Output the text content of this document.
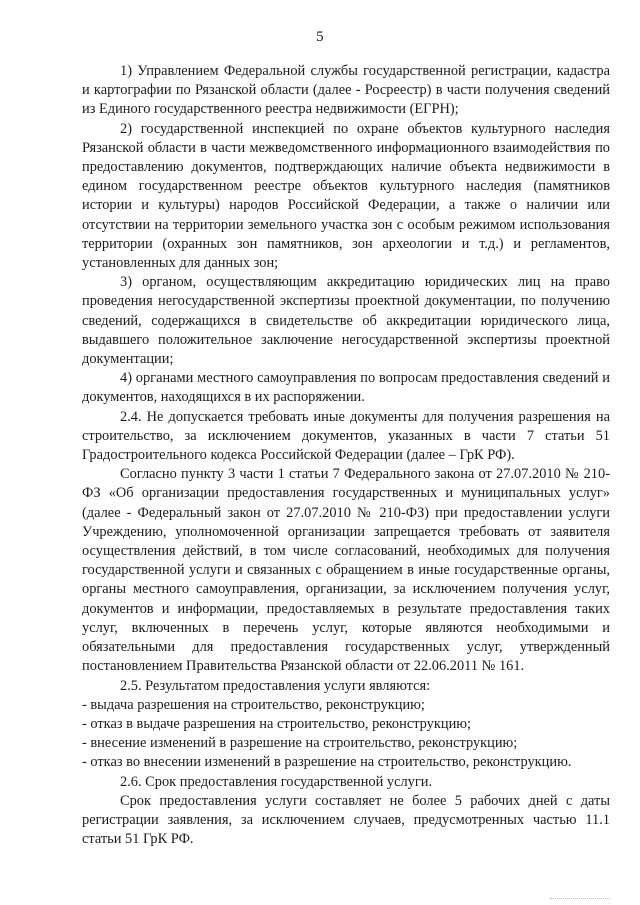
5

1) Управлением Федеральной службы государственной регистрации, кадастра и картографии по Рязанской области (далее - Росреестр) в части получения сведений из Единого государственного реестра недвижимости (ЕГРН);

2) государственной инспекцией по охране объектов культурного наследия Рязанской области в части межведомственного информационного взаимодействия по предоставлению документов, подтверждающих наличие объекта недвижимости в едином государственном реестре объектов культурного наследия (памятников истории и культуры) народов Российской Федерации, а также о наличии или отсутствии на территории земельного участка зон с особым режимом использования территории (охранных зон памятников, зон археологии и т.д.) и регламентов, установленных для данных зон;

3) органом, осуществляющим аккредитацию юридических лиц на право проведения негосударственной экспертизы проектной документации, по получению сведений, содержащихся в свидетельстве об аккредитации юридического лица, выдавшего положительное заключение негосударственной экспертизы проектной документации;

4) органами местного самоуправления по вопросам предоставления сведений и документов, находящихся в их распоряжении.

2.4. Не допускается требовать иные документы для получения разрешения на строительство, за исключением документов, указанных в части 7 статьи 51 Градостроительного кодекса Российской Федерации (далее – ГрК РФ).

Согласно пункту 3 части 1 статьи 7 Федерального закона от 27.07.2010 № 210-ФЗ «Об организации предоставления государственных и муниципальных услуг» (далее - Федеральный закон от 27.07.2010 № 210-ФЗ) при предоставлении услуги Учреждению, уполномоченной организации запрещается требовать от заявителя осуществления действий, в том числе согласований, необходимых для получения государственной услуги и связанных с обращением в иные государственные органы, органы местного самоуправления, организации, за исключением получения услуг, документов и информации, предоставляемых в результате предоставления таких услуг, включенных в перечень услуг, которые являются необходимыми и обязательными для предоставления государственных услуг, утвержденный постановлением Правительства Рязанской области от 22.06.2011 № 161.

2.5. Результатом предоставления услуги являются:

- выдача разрешения на строительство, реконструкцию;

- отказ в выдаче разрешения на строительство, реконструкцию;

- внесение изменений в разрешение на строительство, реконструкцию;

- отказ во внесении изменений в разрешение на строительство, реконструкцию.

2.6. Срок предоставления государственной услуги.

Срок предоставления услуги составляет не более 5 рабочих дней с даты регистрации заявления, за исключением случаев, предусмотренных частью 11.1 статьи 51 ГрК РФ.
